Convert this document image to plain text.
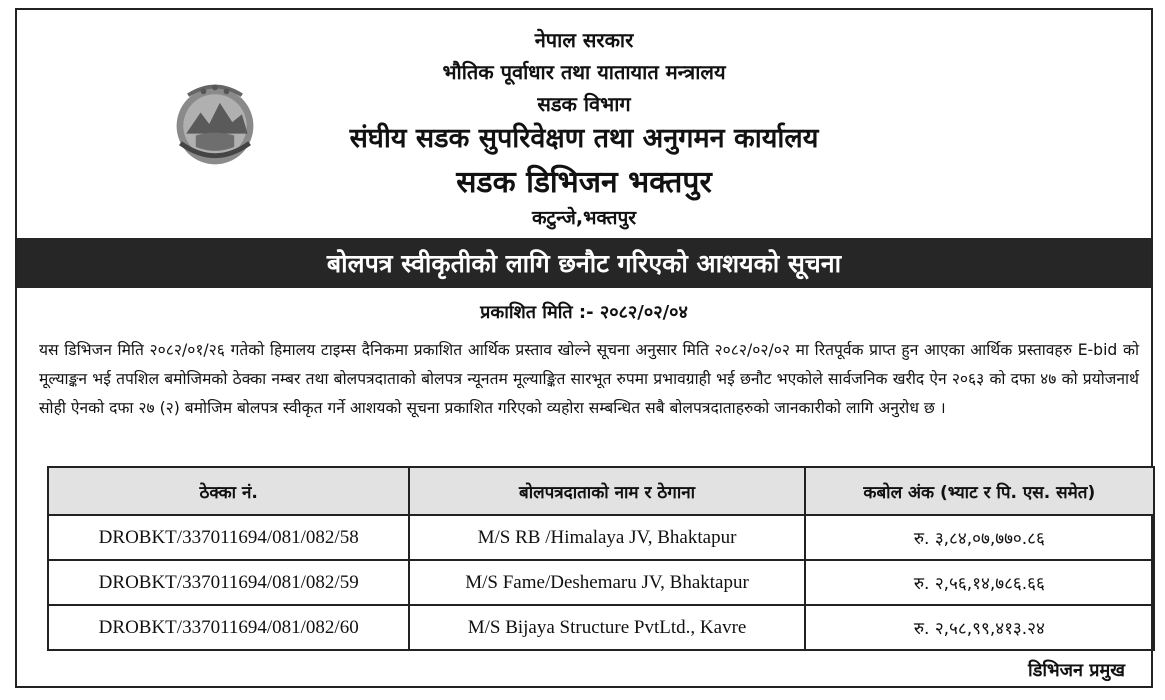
नेपाल सरकार
भौतिक पूर्वाधार तथा यातायात मन्त्रालय
सडक विभाग
संघीय सडक सुपरिवेक्षण तथा अनुगमन कार्यालय
सडक डिभिजन भक्तपुर
कटुन्जे,भक्तपुर
बोलपत्र स्वीकृतीको लागि छनौट गरिएको आशयको सूचना
प्रकाशित मिति :- २०८२/०२/०४
यस डिभिजन मिति २०८२/०१/२६ गतेको हिमालय टाइम्स दैनिकमा प्रकाशित आर्थिक प्रस्ताव खोल्ने सूचना अनुसार मिति २०८२/०२/०२ मा रितपूर्वक प्राप्त हुन आएका आर्थिक प्रस्तावहरु E-bid को मूल्याङ्कन भई तपशिल बमोजिमको ठेक्का नम्बर तथा बोलपत्रदाताको बोलपत्र न्यूनतम मूल्याङ्कित सारभूत रुपमा प्रभावग्राही भई छनौट भएकोले सार्वजनिक खरीद ऐन २०६३ को दफा ४७ को प्रयोजनार्थ सोही ऐनको दफा २७ (२) बमोजिम बोलपत्र स्वीकृत गर्ने आशयको सूचना प्रकाशित गरिएको व्यहोरा सम्बन्धित सबै बोलपत्रदाताहरुको जानकारीको लागि अनुरोध छ ।
ठेक्का नं.	बोलपत्रदाताको नाम र ठेगाना	कबोल अंक (भ्याट र पि. एस. समेत)
DROBKT/337011694/081/082/58	M/S RB /Himalaya JV, Bhaktapur	रु. ३,८४,०७,७७०.८६
DROBKT/337011694/081/082/59	M/S Fame/Deshemaru JV, Bhaktapur	रु. २,५६,१४,७८६.६६
DROBKT/337011694/081/082/60	M/S Bijaya Structure PvtLtd., Kavre	रु. २,५८,९९,४१३.२४
डिभिजन प्रमुख
